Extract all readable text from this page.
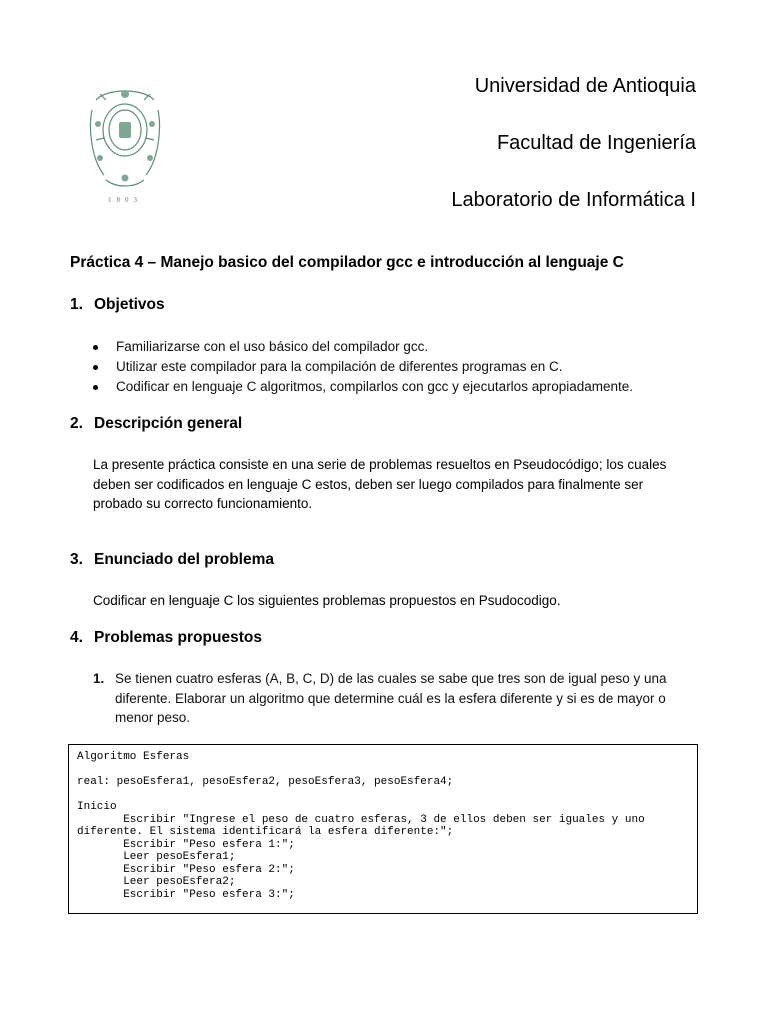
1803
Universidad de Antioquia
Facultad de Ingeniería
Laboratorio de Informática I
Práctica 4 – Manejo basico del compilador gcc e introducción al lenguaje C
1. Objetivos
Familiarizarse con el uso básico del compilador gcc.
Utilizar este compilador para la compilación de diferentes programas en C.
Codificar en lenguaje C algoritmos, compilarlos con gcc y ejecutarlos apropiadamente.
2. Descripción general
La presente práctica consiste en una serie de problemas resueltos en Pseudocódigo; los cuales deben ser codificados en lenguaje C estos, deben ser luego compilados para finalmente ser probado su correcto funcionamiento.
3. Enunciado del problema
Codificar en lenguaje C los siguientes problemas propuestos en Psudocodigo.
4. Problemas propuestos
1. Se tienen cuatro esferas (A, B, C, D) de las cuales se sabe que tres son de igual peso y una diferente. Elaborar un algoritmo que determine cuál es la esfera diferente y si es de mayor o menor peso.
Algoritmo Esferas
real: pesoEsfera1, pesoEsfera2, pesoEsfera3, pesoEsfera4;
Inicio
Escribir "Ingrese el peso de cuatro esferas, 3 de ellos deben ser iguales y uno
diferente. El sistema identificará la esfera diferente:";
Escribir "Peso esfera 1:";
Leer pesoEsfera1;
Escribir "Peso esfera 2:";
Leer pesoEsfera2;
Escribir "Peso esfera 3:";
